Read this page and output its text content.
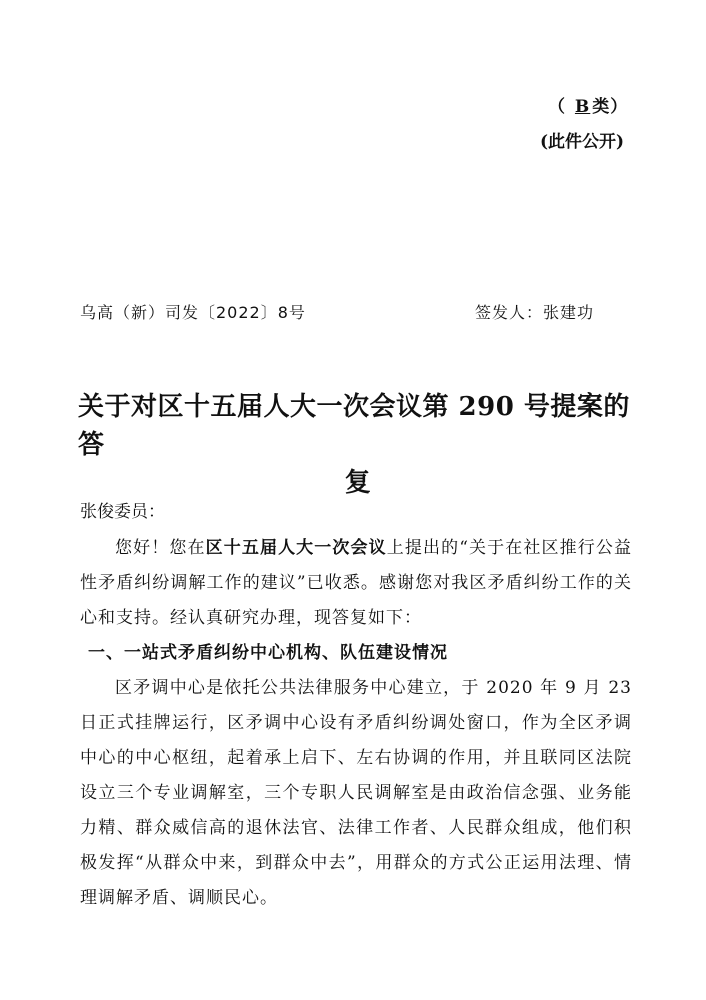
（ B 类）
(此件公开)
乌高（新）司发〔2022〕8号	签发人：张建功
关于对区十五届人大一次会议第 290 号提案的答
复
张俊委员：

您好！您在区十五届人大一次会议上提出的“关于在社区推行公益性矛盾纠纷调解工作的建议”已收悉。感谢您对我区矛盾纠纷工作的关心和支持。经认真研究办理，现答复如下：

一、一站式矛盾纠纷中心机构、队伍建设情况

区矛调中心是依托公共法律服务中心建立，于 2020 年 9 月 23 日正式挂牌运行，区矛调中心设有矛盾纠纷调处窗口，作为全区矛调中心的中心枢纽，起着承上启下、左右协调的作用，并且联同区法院设立三个专业调解室，三个专职人民调解室是由政治信念强、业务能力精、群众威信高的退休法官、法律工作者、人民群众组成，他们积极发挥“从群众中来，到群众中去”，用群众的方式公正运用法理、情理调解矛盾、调顺民心。
